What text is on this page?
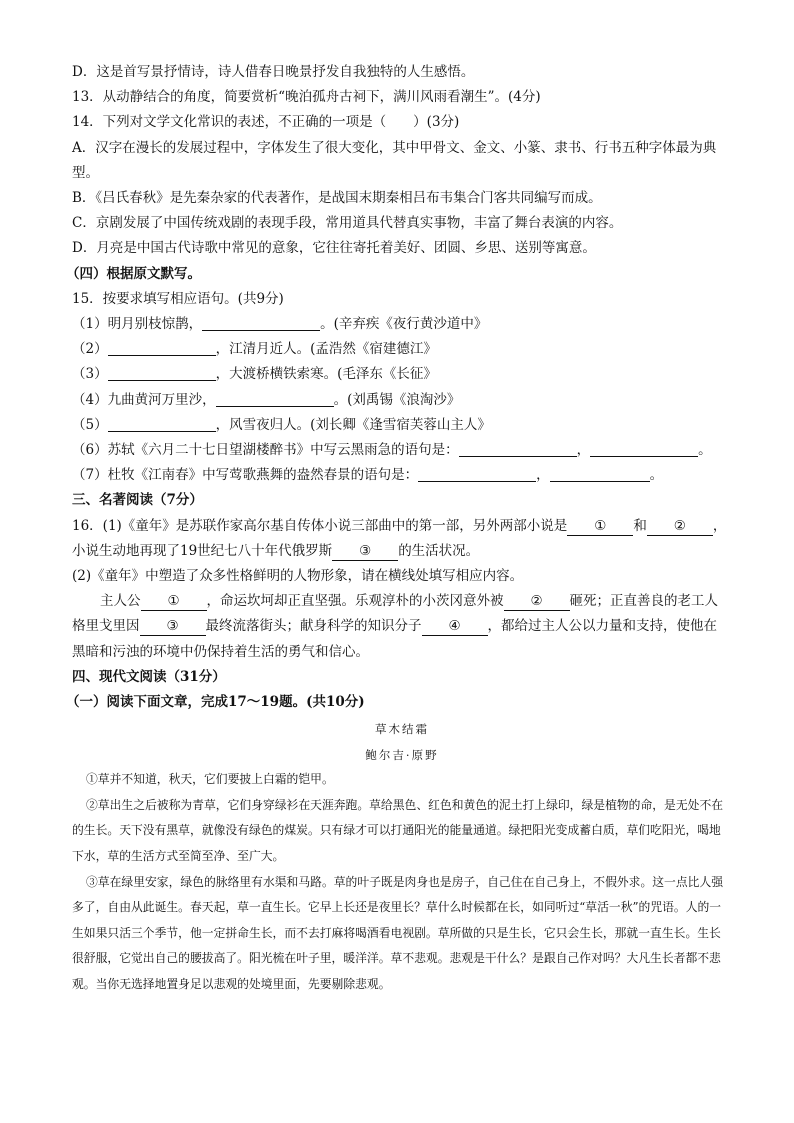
D．这是首写景抒情诗，诗人借春日晚景抒发自我独特的人生感悟。
13．从动静结合的角度，简要赏析“晚泊孤舟古祠下，满川风雨看潮生”。(4分)
14．下列对文学文化常识的表述，不正确的一项是（　　）(3分)
A．汉字在漫长的发展过程中，字体发生了很大变化，其中甲骨文、金文、小篆、隶书、行书五种字体最为典型。
B．《吕氏春秋》是先秦杂家的代表著作，是战国末期秦相吕布韦集合门客共同编写而成。
C．京剧发展了中国传统戏剧的表现手段，常用道具代替真实事物，丰富了舞台表演的内容。
D．月亮是中国古代诗歌中常见的意象，它往往寄托着美好、团圆、乡思、送别等寓意。
（四）根据原文默写。
15．按要求填写相应语句。(共9分)
（1）明月别枝惊鹊，	。(辛弃疾《夜行黄沙道中》
（2）	，江清月近人。(孟浩然《宿建德江》
（3）	，大渡桥横铁索寒。(毛泽东《长征》
（4）九曲黄河万里沙，	。(刘禹锡《浪淘沙》
（5）	，风雪夜归人。(刘长卿《逢雪宿芙蓉山主人》
（6）苏轼《六月二十七日望湖楼醉书》中写云黑雨急的语句是：	，	。
（7）杜牧《江南春》中写莺歌燕舞的盎然春景的语句是：	，	。
三、名著阅读（7分）
16．(1)《童年》是苏联作家高尔基自传体小说三部曲中的第一部，另外两部小说是 ① 和 ② ，
小说生动地再现了19世纪七八十年代俄罗斯 ③ 的生活状况。
(2)《童年》中塑造了众多性格鲜明的人物形象，请在横线处填写相应内容。
主人公 ① ，命运坎坷却正直坚强。乐观淳朴的小茨冈意外被 ② 砸死；正直善良的老工人
格里戈里因 ③ 最终流落街头；献身科学的知识分子 ④ ，都给过主人公以力量和支持，使他在
黑暗和污浊的环境中仍保持着生活的勇气和信心。
四、现代文阅读（31分）
（一）阅读下面文章，完成17～19题。(共10分)
草木结霜
鲍尔吉·原野

①草并不知道，秋天，它们要披上白霜的铠甲。

②草出生之后被称为青草，它们身穿绿衫在天涯奔跑。草给黑色、红色和黄色的泥土打上绿印，绿是植物的命，是无处不在的生长。天下没有黑草，就像没有绿色的煤炭。只有绿才可以打通阳光的能量通道。绿把阳光变成蓄白质，草们吃阳光，喝地下水，草的生活方式至简至净、至广大。

③草在绿里安家，绿色的脉络里有水渠和马路。草的叶子既是肉身也是房子，自己住在自己身上，不假外求。这一点比人强多了，自由从此诞生。春天起，草一直生长。它早上长还是夜里长？草什么时候都在长，如同听过“草活一秋”的咒语。人的一生如果只活三个季节，他一定拼命生长，而不去打麻将喝酒看电视剧。草所做的只是生长，它只会生长，那就一直生长。生长很舒服，它觉出自己的腰拔高了。阳光梳在叶子里，暖洋洋。草不悲观。悲观是干什么？是跟自己作对吗？大凡生长者都不悲观。当你无选择地置身足以悲观的处境里面，先要剔除悲观。
